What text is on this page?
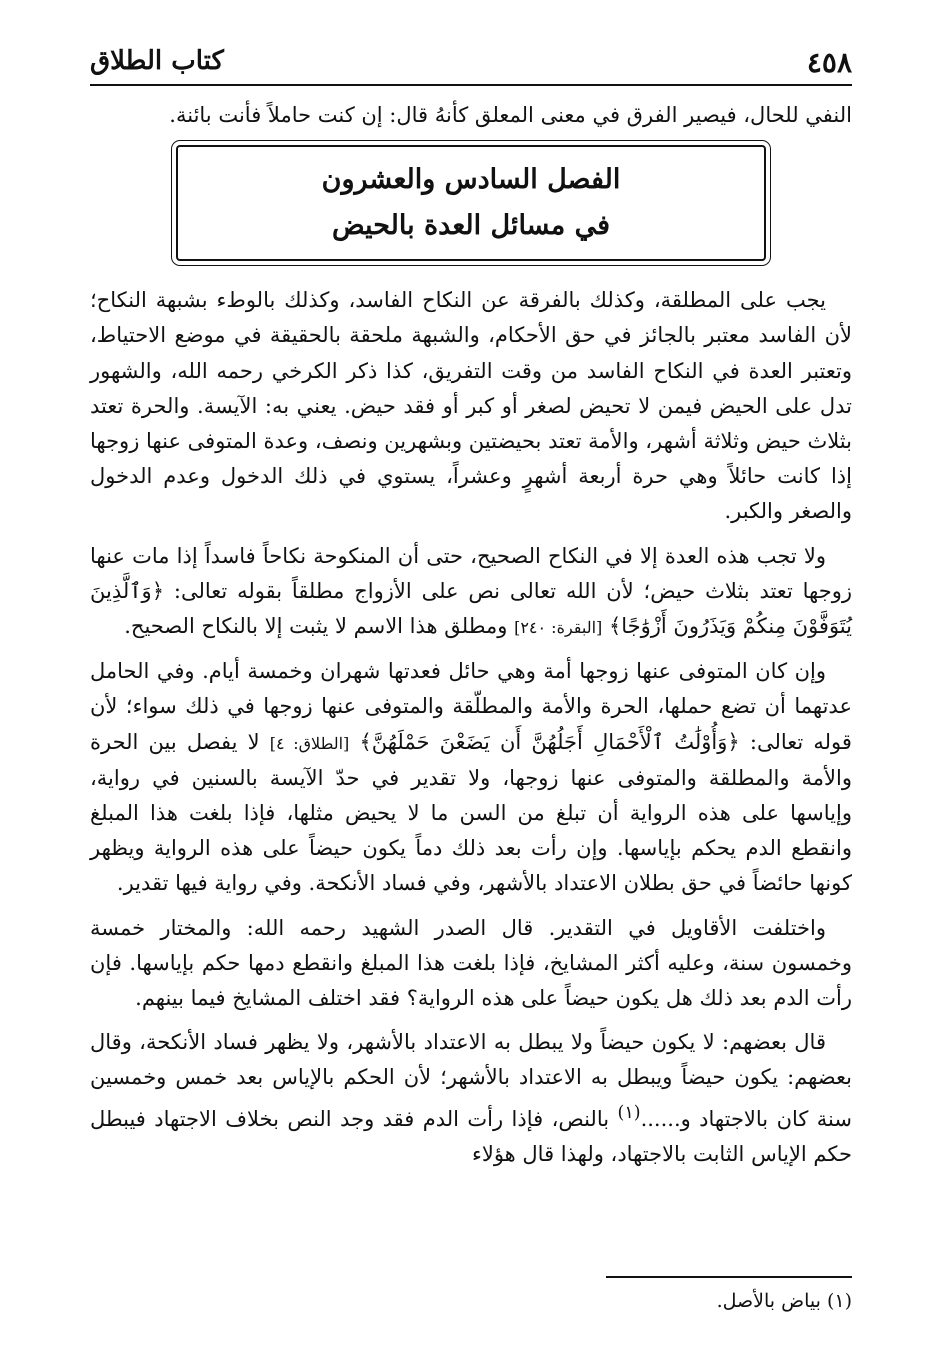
٤٥٨
كتاب الطلاق

النفي للحال، فيصير الفرق في معنى المعلق كأنهُ قال: إن كنت حاملاً فأنت بائنة.

الفصل السادس والعشرون
في مسائل العدة بالحيض

يجب على المطلقة، وكذلك بالفرقة عن النكاح الفاسد، وكذلك بالوطء بشبهة النكاح؛ لأن الفاسد معتبر بالجائز في حق الأحكام، والشبهة ملحقة بالحقيقة في موضع الاحتياط، وتعتبر العدة في النكاح الفاسد من وقت التفريق، كذا ذكر الكرخي رحمه الله، والشهور تدل على الحيض فيمن لا تحيض لصغر أو كبر أو فقد حيض. يعني به: الآيسة. والحرة تعتد بثلاث حيض وثلاثة أشهر، والأمة تعتد بحيضتين وبشهرين ونصف، وعدة المتوفى عنها زوجها إذا كانت حائلاً وهي حرة أربعة أشهرٍ وعشراً، يستوي في ذلك الدخول وعدم الدخول والصغر والكبر.

ولا تجب هذه العدة إلا في النكاح الصحيح، حتى أن المنكوحة نكاحاً فاسداً إذا مات عنها زوجها تعتد بثلاث حيض؛ لأن الله تعالى نص على الأزواج مطلقاً بقوله تعالى: ﴿وَٱلَّذِينَ يُتَوَفَّوْنَ مِنكُمْ وَيَذَرُونَ أَزْوَٰجًا﴾ [البقرة: ٢٤٠] ومطلق هذا الاسم لا يثبت إلا بالنكاح الصحيح.

وإن كان المتوفى عنها زوجها أمة وهي حائل فعدتها شهران وخمسة أيام. وفي الحامل عدتهما أن تضع حملها، الحرة والأمة والمطلّقة والمتوفى عنها زوجها في ذلك سواء؛ لأن قوله تعالى: ﴿وَأُوْلَٰتُ ٱلْأَحْمَالِ أَجَلُهُنَّ أَن يَضَعْنَ حَمْلَهُنَّ﴾ [الطلاق: ٤] لا يفصل بين الحرة والأمة والمطلقة والمتوفى عنها زوجها، ولا تقدير في حدّ الآيسة بالسنين في رواية، وإياسها على هذه الرواية أن تبلغ من السن ما لا يحيض مثلها، فإذا بلغت هذا المبلغ وانقطع الدم يحكم بإياسها. وإن رأت بعد ذلك دماً يكون حيضاً على هذه الرواية ويظهر كونها حائضاً في حق بطلان الاعتداد بالأشهر، وفي فساد الأنكحة. وفي رواية فيها تقدير.

واختلفت الأقاويل في التقدير. قال الصدر الشهيد رحمه الله: والمختار خمسة وخمسون سنة، وعليه أكثر المشايخ، فإذا بلغت هذا المبلغ وانقطع دمها حكم بإياسها. فإن رأت الدم بعد ذلك هل يكون حيضاً على هذه الرواية؟ فقد اختلف المشايخ فيما بينهم.

قال بعضهم: لا يكون حيضاً ولا يبطل به الاعتداد بالأشهر، ولا يظهر فساد الأنكحة، وقال بعضهم: يكون حيضاً ويبطل به الاعتداد بالأشهر؛ لأن الحكم بالإياس بعد خمس وخمسين سنة كان بالاجتهاد و......$^{(١)}$ بالنص، فإذا رأت الدم فقد وجد النص بخلاف الاجتهاد فيبطل حكم الإياس الثابت بالاجتهاد، ولهذا قال هؤلاء

(١) بياض بالأصل.
